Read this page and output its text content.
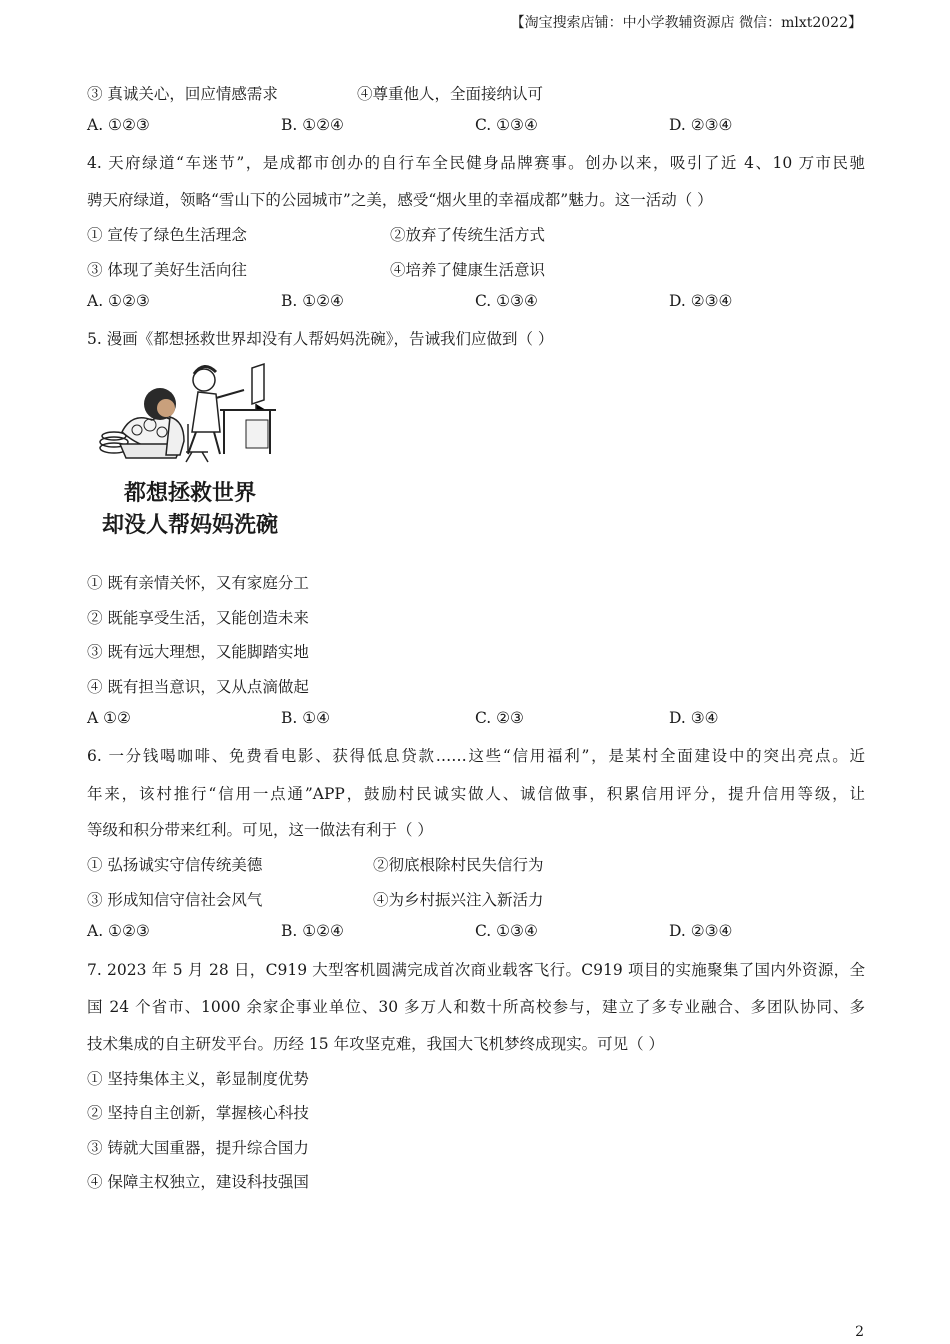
【淘宝搜索店铺：中小学教辅资源店 微信：mlxt2022】
③ 真诚关心，回应情感需求	④尊重他人，全面接纳认可
A. ①②③	B. ①②④	C. ①③④	D. ②③④
4. 天府绿道“车迷节”，是成都市创办的自行车全民健身品牌赛事。创办以来，吸引了近 4、10 万市民驰
骋天府绿道，领略“雪山下的公园城市”之美，感受“烟火里的幸福成都”魅力。这一活动（ ）
① 宣传了绿色生活理念	②放弃了传统生活方式
③ 体现了美好生活向往	④培养了健康生活意识
A. ①②③	B. ①②④	C. ①③④	D. ②③④
5. 漫画《都想拯救世界却没有人帮妈妈洗碗》，告诫我们应做到（ ）
都想拯救世界
却没人帮妈妈洗碗
① 既有亲情关怀，又有家庭分工
② 既能享受生活，又能创造未来
③ 既有远大理想，又能脚踏实地
④ 既有担当意识，又从点滴做起
A ①②	B. ①④	C. ②③	D. ③④
6. 一分钱喝咖啡、免费看电影、获得低息贷款……这些“信用福利”，是某村全面建设中的突出亮点。近
年来，该村推行“信用一点通”APP，鼓励村民诚实做人、诚信做事，积累信用评分，提升信用等级，让
等级和积分带来红利。可见，这一做法有利于（ ）
① 弘扬诚实守信传统美德	②彻底根除村民失信行为
③ 形成知信守信社会风气	④为乡村振兴注入新活力
A. ①②③	B. ①②④	C. ①③④	D. ②③④
7. 2023 年 5 月 28 日，C919 大型客机圆满完成首次商业载客飞行。C919 项目的实施聚集了国内外资源，全
国 24 个省市、1000 余家企事业单位、30 多万人和数十所高校参与，建立了多专业融合、多团队协同、多
技术集成的自主研发平台。历经 15 年攻坚克难，我国大飞机梦终成现实。可见（ ）
① 坚持集体主义，彰显制度优势
② 坚持自主创新，掌握核心科技
③ 铸就大国重器，提升综合国力
④ 保障主权独立，建设科技强国
2
